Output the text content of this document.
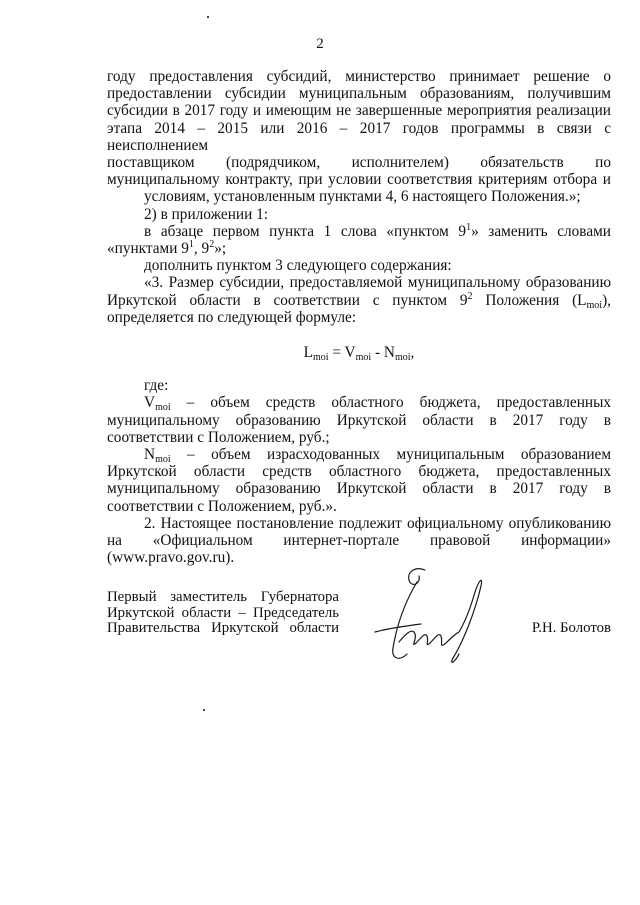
2

году предоставления субсидий, министерство принимает решение о

предоставлении субсидии муниципальным образованиям, получившим

субсидии в 2017 году и имеющим не завершенные мероприятия реализации

этапа 2014 – 2015 или 2016 – 2017 годов программы в связи с неисполнением

поставщиком (подрядчиком, исполнителем) обязательств по

муниципальному контракту, при условии соответствия критериям отбора и

условиям, установленным пунктами 4, 6 настоящего Положения.»;

2) в приложении 1:

в абзаце первом пункта 1 слова «пунктом $9^1$» заменить словами

«пунктами $9^1$, $9^2$»;

дополнить пунктом 3 следующего содержания:

«3. Размер субсидии, предоставляемой муниципальному образованию

Иркутской области в соответствии с пунктом $9^2$ Положения $(L_{moi})$,

определяется по следующей формуле:

$L_{moi} = V_{moi} - N_{moi}$,

где:

$V_{moi}$ – объем средств областного бюджета, предоставленных

муниципальному образованию Иркутской области в 2017 году в

соответствии с Положением, руб.;

$N_{moi}$ – объем израсходованных муниципальным образованием

Иркутской области средств областного бюджета, предоставленных

муниципальному образованию Иркутской области в 2017 году в

соответствии с Положением, руб.».

2. Настоящее постановление подлежит официальному опубликованию

на «Официальном интернет-портале правовой информации»

(www.pravo.gov.ru).

Первый заместитель Губернатора
Иркутской области – Председатель
Правительства Иркутской области	Р.Н. Болотов
